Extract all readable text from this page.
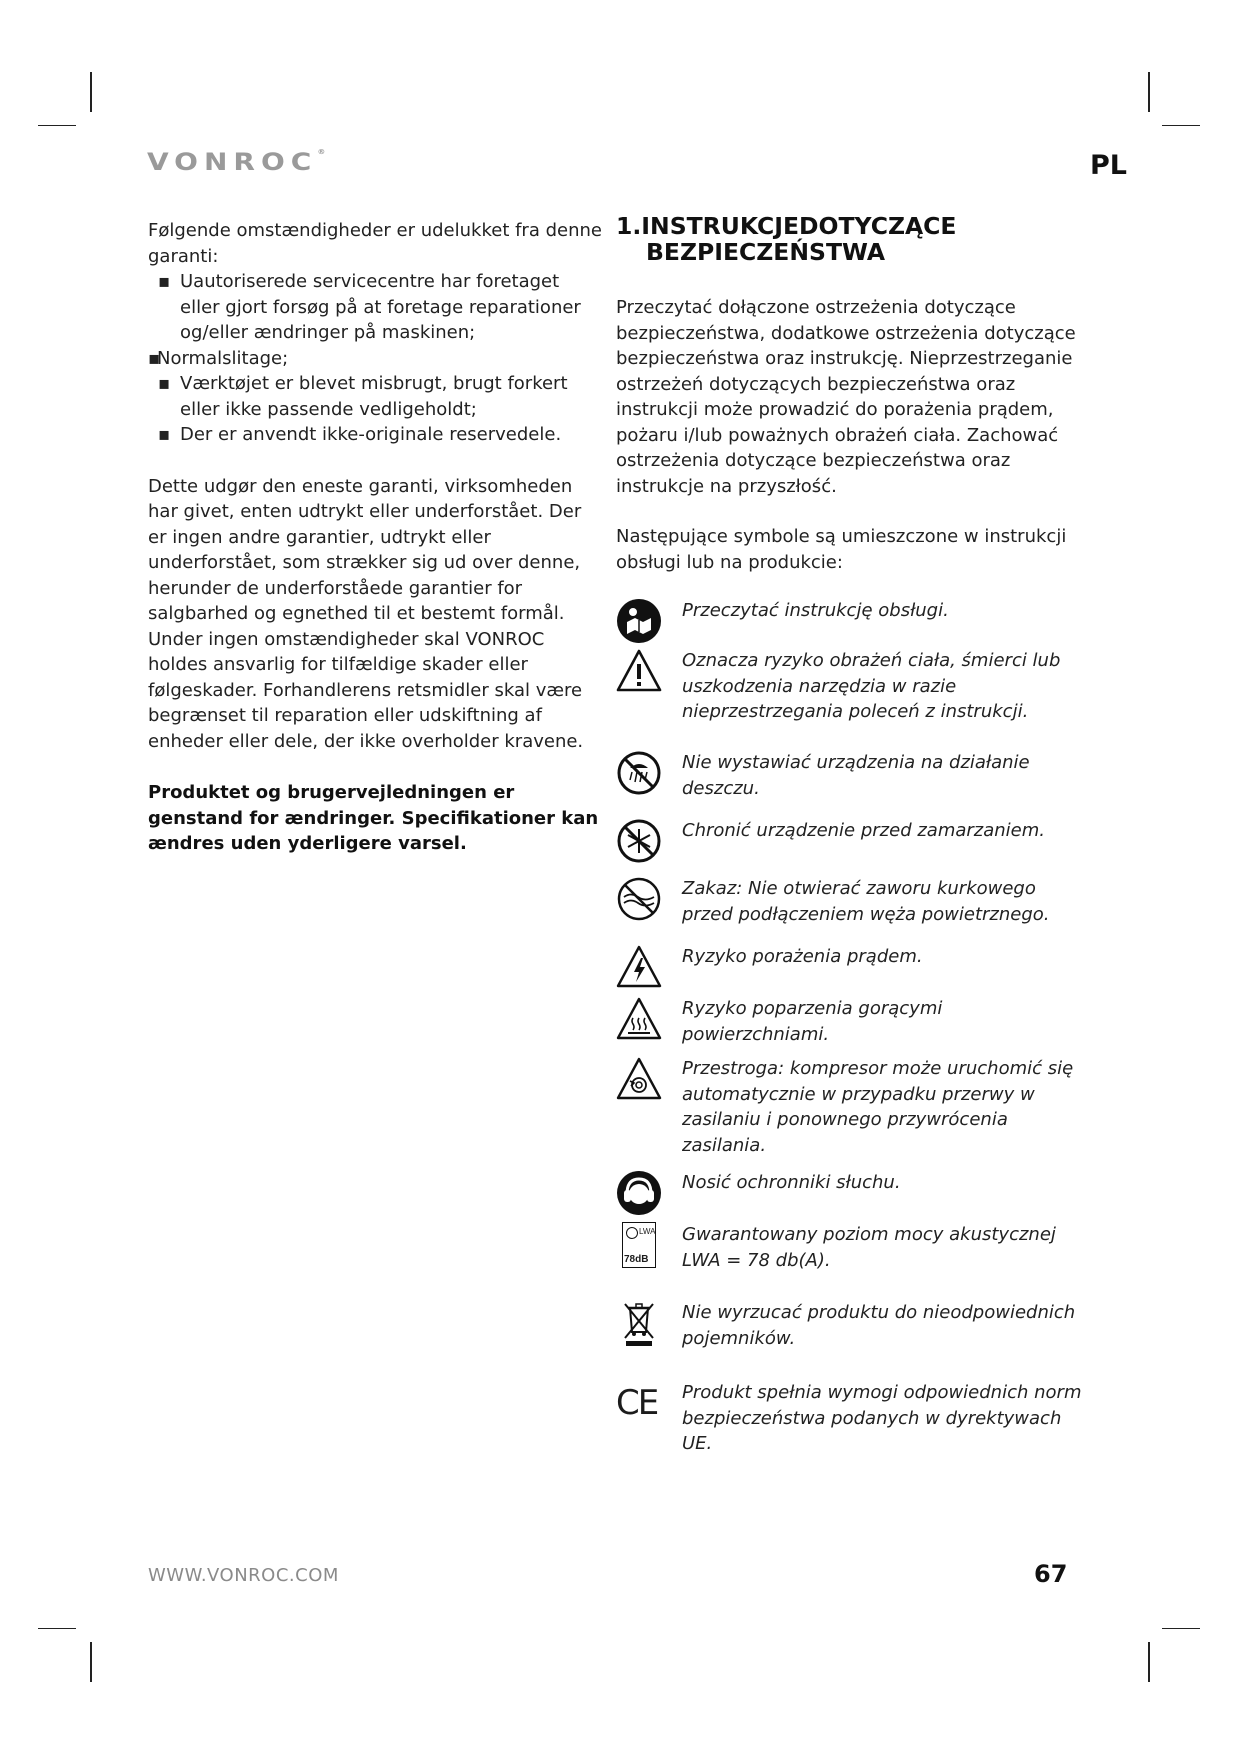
VONROC®	PL

Følgende omstændigheder er udelukket fra denne garanti:

▪ Uautoriserede servicecentre har foretaget eller gjort forsøg på at foretage reparationer og/eller ændringer på maskinen;
▪
Normalslitage;
▪ Værktøjet er blevet misbrugt, brugt forkert eller ikke passende vedligeholdt;
▪ Der er anvendt ikke-originale reservedele.

Dette udgør den eneste garanti, virksomheden har givet, enten udtrykt eller underforstået. Der er ingen andre garantier, udtrykt eller underforstået, som strækker sig ud over denne, herunder de underforståede garantier for salgbarhed og egnethed til et bestemt formål. Under ingen omstændigheder skal VONROC holdes ansvarlig for tilfældige skader eller følgeskader. Forhandlerens retsmidler skal være begrænset til reparation eller udskiftning af enheder eller dele, der ikke overholder kravene.

Produktet og brugervejledningen er genstand for ændringer. Specifikationer kan ændres uden yderligere varsel.

1.INSTRUKCJEDOTYCZĄCE
BEZPIECZEŃSTWA

Przeczytać dołączone ostrzeżenia dotyczące bezpieczeństwa, dodatkowe ostrzeżenia dotyczące bezpieczeństwa oraz instrukcję. Nieprzestrzeganie ostrzeżeń dotyczących bezpieczeństwa oraz instrukcji może prowadzić do porażenia prądem, pożaru i/lub poważnych obrażeń ciała. Zachować ostrzeżenia dotyczące bezpieczeństwa oraz instrukcje na przyszłość.

Następujące symbole są umieszczone w instrukcji obsługi lub na produkcie:

Przeczytać instrukcję obsługi.
Oznacza ryzyko obrażeń ciała, śmierci lub uszkodzenia narzędzia w razie nieprzestrzegania poleceń z instrukcji.
Nie wystawiać urządzenia na działanie deszczu.
Chronić urządzenie przed zamarzaniem.
Zakaz: Nie otwierać zaworu kurkowego przed podłączeniem węża powietrznego.
Ryzyko porażenia prądem.
Ryzyko poparzenia gorącymi powierzchniami.
Przestroga: kompresor może uruchomić się automatycznie w przypadku przerwy w zasilaniu i ponownego przywrócenia zasilania.
Nosić ochronniki słuchu.
LWA
78dB
Gwarantowany poziom mocy akustycznej LWA = 78 db(A).
Nie wyrzucać produktu do nieodpowiednich pojemników.
CE Produkt spełnia wymogi odpowiednich norm bezpieczeństwa podanych w dyrektywach UE.
WWW.VONROC.COM	67
